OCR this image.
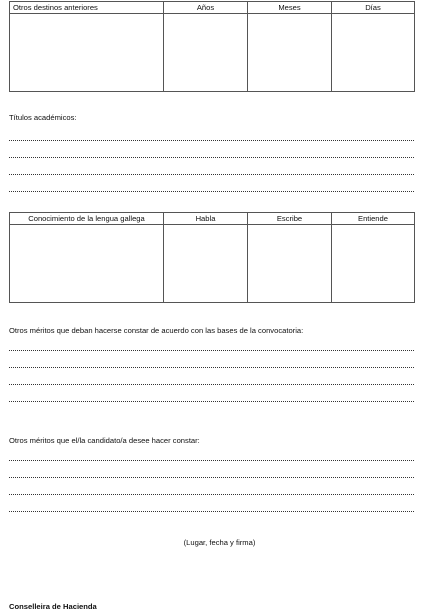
Otros destinos anteriores	Años	Meses	Días

Títulos académicos:
Conocimiento de la lengua gallega	Habla	Escribe	Entiende

Otros méritos que deban hacerse constar de acuerdo con las bases de la convocatoria:
Otros méritos que el/la candidato/a desee hacer constar:
(Lugar, fecha y firma)
Conselleira de Hacienda
